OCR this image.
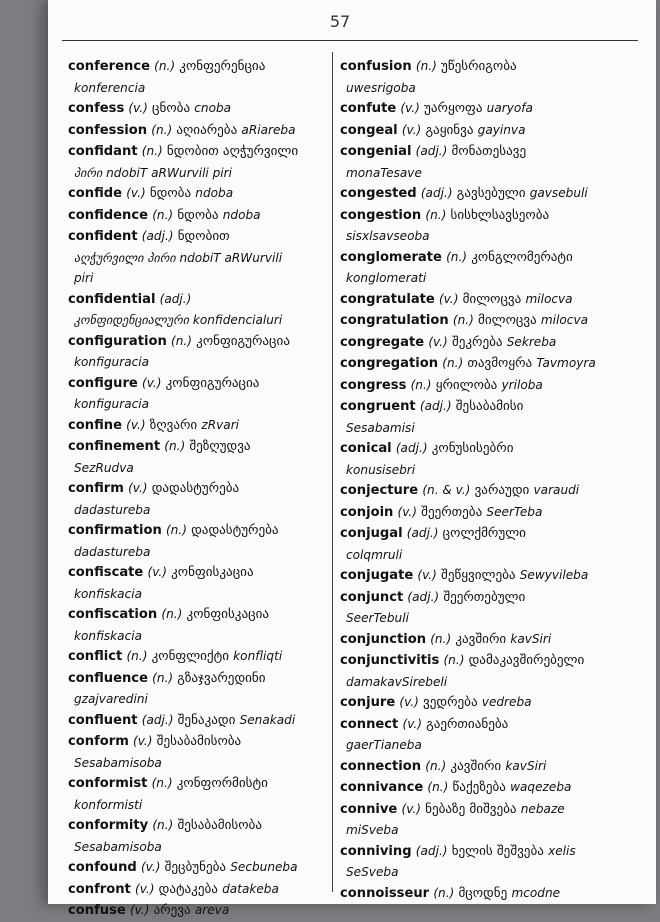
57
conference (n.) კონფერენცია
konferencia
confess (v.) ცნობა cnoba
confession (n.) აღიარება aRiareba
confidant (n.) ნდობით აღჭურვილი
პირი ndobiT aRWurvili piri
confide (v.) ნდობა ndoba
confidence (n.) ნდობა ndoba
confident (adj.) ნდობით
აღჭურვილი პირი ndobiT aRWurvili
piri
confidential (adj.)
კონფიდენციალური konfidencialuri
configuration (n.) კონფიგურაცია
konfiguracia
configure (v.) კონფიგურაცია
konfiguracia
confine (v.) ზღვარი zRvari
confinement (n.) შეზღუდვა
SezRudva
confirm (v.) დადასტურება
dadastureba
confirmation (n.) დადასტურება
dadastureba
confiscate (v.) კონფისკაცია
konfiskacia
confiscation (n.) კონფისკაცია
konfiskacia
conflict (n.) კონფლიქტი konfliqti
confluence (n.) გზაჯვარედინი
gzajvaredini
confluent (adj.) შენაკადი Senakadi
conform (v.) შესაბამისობა
Sesabamisoba
conformist (n.) კონფორმისტი
konformisti
conformity (n.) შესაბამისობა
Sesabamisoba
confound (v.) შეცბუნება Secbuneba
confront (v.) დატაკება datakeba
confuse (v.) არევა areva
confusion (n.) უწესრიგობა
uwesrigoba
confute (v.) უარყოფა uaryofa
congeal (v.) გაყინვა gayinva
congenial (adj.) მონათესავე
monaTesave
congested (adj.) გავსებული gavsebuli
congestion (n.) სისხლსავსეობა
sisxlsavseoba
conglomerate (n.) კონგლომერატი
konglomerati
congratulate (v.) მილოცვა milocva
congratulation (n.) მილოცვა milocva
congregate (v.) შეკრება Sekreba
congregation (n.) თავმოყრა Tavmoyra
congress (n.) ყრილობა yriloba
congruent (adj.) შესაბამისი
Sesabamisi
conical (adj.) კონუსისებრი
konusisebri
conjecture (n. & v.) ვარაუდი varaudi
conjoin (v.) შეერთება SeerTeba
conjugal (adj.) ცოლქმრული
colqmruli
conjugate (v.) შეწყვილება Sewyvileba
conjunct (adj.) შეერთებული
SeerTebuli
conjunction (n.) კავშირი kavSiri
conjunctivitis (n.) დამაკავშირებელი
damakavSirebeli
conjure (v.) ვედრება vedreba
connect (v.) გაერთიანება
gaerTianeba
connection (n.) კავშირი kavSiri
connivance (n.) წაქეზება waqezeba
connive (v.) ნებაზე მიშვება nebaze
miSveba
conniving (adj.) ხელის შეშვება xelis
SeSveba
connoisseur (n.) მცოდნე mcodne
